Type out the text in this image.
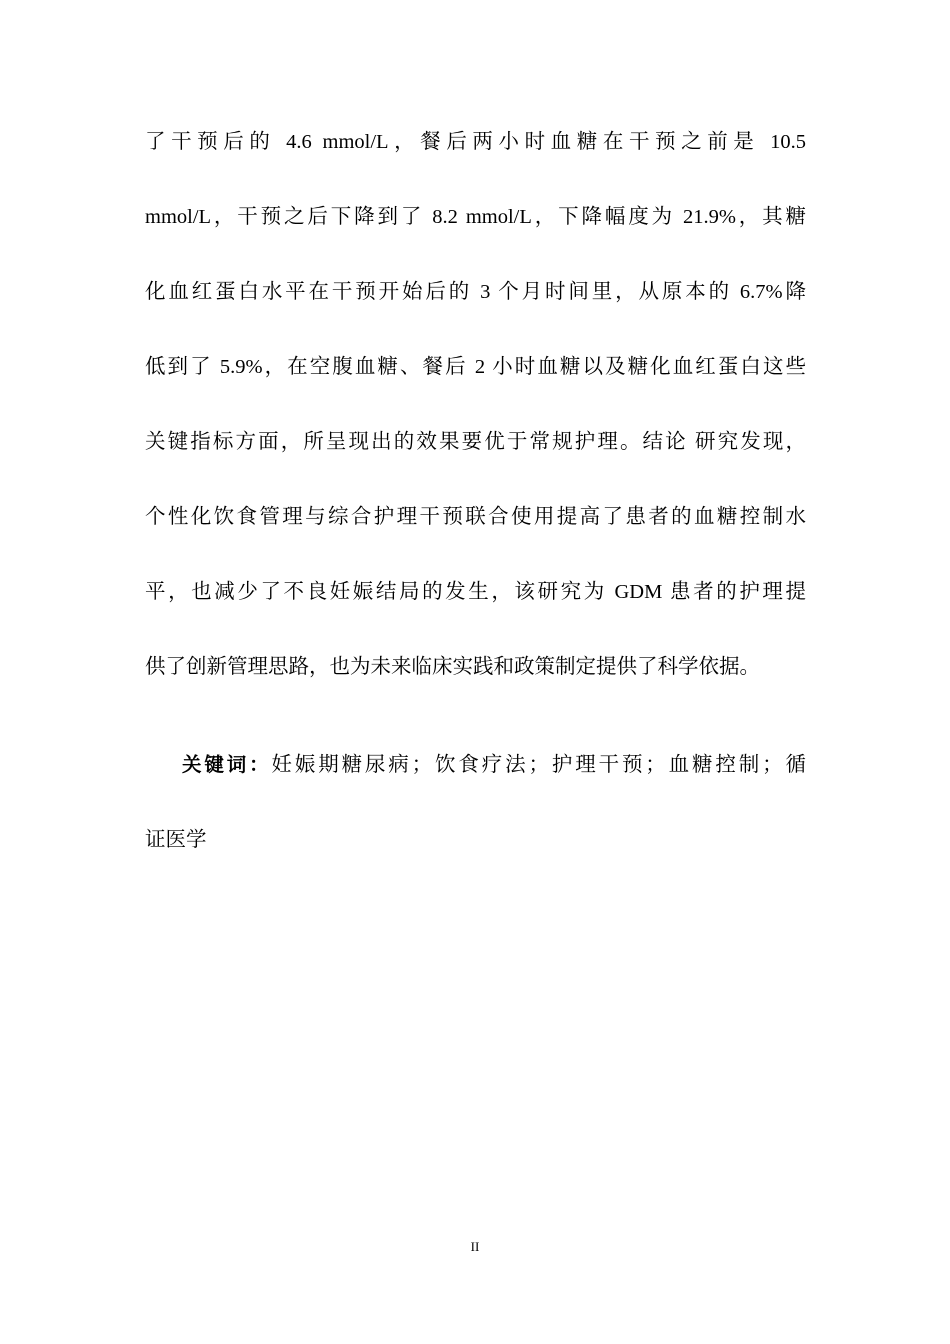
了干预后的 4.6 mmol/L，餐后两小时血糖在干预之前是 10.5
mmol/L，干预之后下降到了 8.2 mmol/L，下降幅度为 21.9%，其糖
化血红蛋白水平在干预开始后的 3 个月时间里，从原本的 6.7%降
低到了 5.9%，在空腹血糖、餐后 2 小时血糖以及糖化血红蛋白这些
关键指标方面，所呈现出的效果要优于常规护理。结论 研究发现，
个性化饮食管理与综合护理干预联合使用提高了患者的血糖控制水
平，也减少了不良妊娠结局的发生，该研究为 GDM 患者的护理提
供了创新管理思路，也为未来临床实践和政策制定提供了科学依据。
关键词：妊娠期糖尿病；饮食疗法；护理干预；血糖控制；循
证医学
II
